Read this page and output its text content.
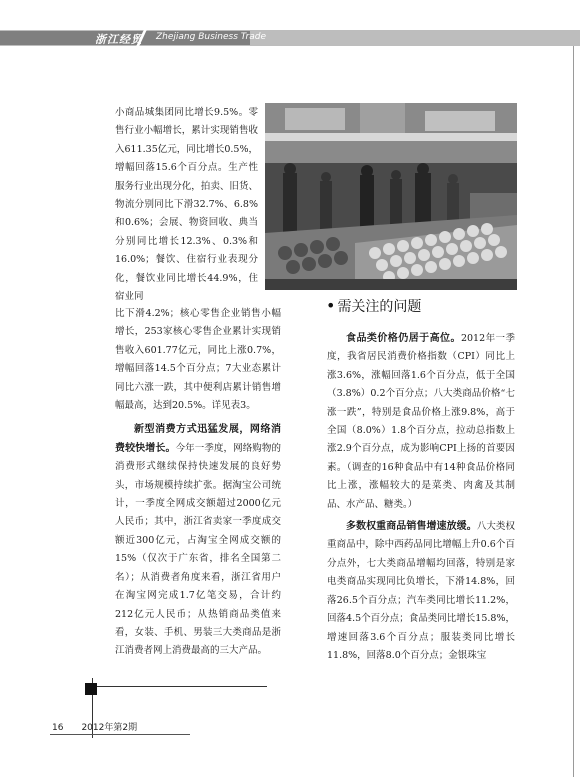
浙江经贸 Zhejiang Business Trade

小商品城集团同比增长9.5%。零售行业小幅增长，累计实现销售收入611.35亿元，同比增长0.5%，增幅回落15.6个百分点。生产性服务行业出现分化，拍卖、旧货、物流分别同比下滑32.7%、6.8%和0.6%；会展、物资回收、典当分别同比增长12.3%、0.3%和16.0%；餐饮、住宿行业表现分化，餐饮业同比增长44.9%，住宿业同

比下滑4.2%；核心零售企业销售小幅增长，253家核心零售企业累计实现销售收入601.77亿元，同比上涨0.7%，增幅回落14.5个百分点；7大业态累计同比六涨一跌，其中便利店累计销售增幅最高，达到20.5%。详见表3。

新型消费方式迅猛发展，网络消费较快增长。今年一季度，网络购物的消费形式继续保持快速发展的良好势头，市场规模持续扩张。据淘宝公司统计，一季度全网成交额超过2000亿元人民币；其中，浙江省卖家一季度成交额近300亿元，占淘宝全网成交额的15%（仅次于广东省，排名全国第二名）；从消费者角度来看，浙江省用户在淘宝网完成1.7亿笔交易，合计约212亿元人民币；从热销商品类值来看，女装、手机、男装三大类商品是浙江消费者网上消费最高的三大产品。

• 需关注的问题

食品类价格仍居于高位。2012年一季度，我省居民消费价格指数（CPI）同比上涨3.6%，涨幅回落1.6个百分点，低于全国（3.8%）0.2个百分点；八大类商品价格“七涨一跌”，特别是食品价格上涨9.8%，高于全国（8.0%）1.8个百分点，拉动总指数上涨2.9个百分点，成为影响CPI上扬的首要因素。（调查的16种食品中有14种食品价格同比上涨，涨幅较大的是菜类、肉禽及其制品、水产品、糖类。）

多数权重商品销售增速放缓。八大类权重商品中，除中西药品同比增幅上升0.6个百分点外，七大类商品增幅均回落，特别是家电类商品实现同比负增长，下滑14.8%，回落26.5个百分点；汽车类同比增长11.2%，回落4.5个百分点；食品类同比增长15.8%，增速回落3.6个百分点；服装类同比增长11.8%，回落8.0个百分点；金银珠宝

16 2012年第2期
